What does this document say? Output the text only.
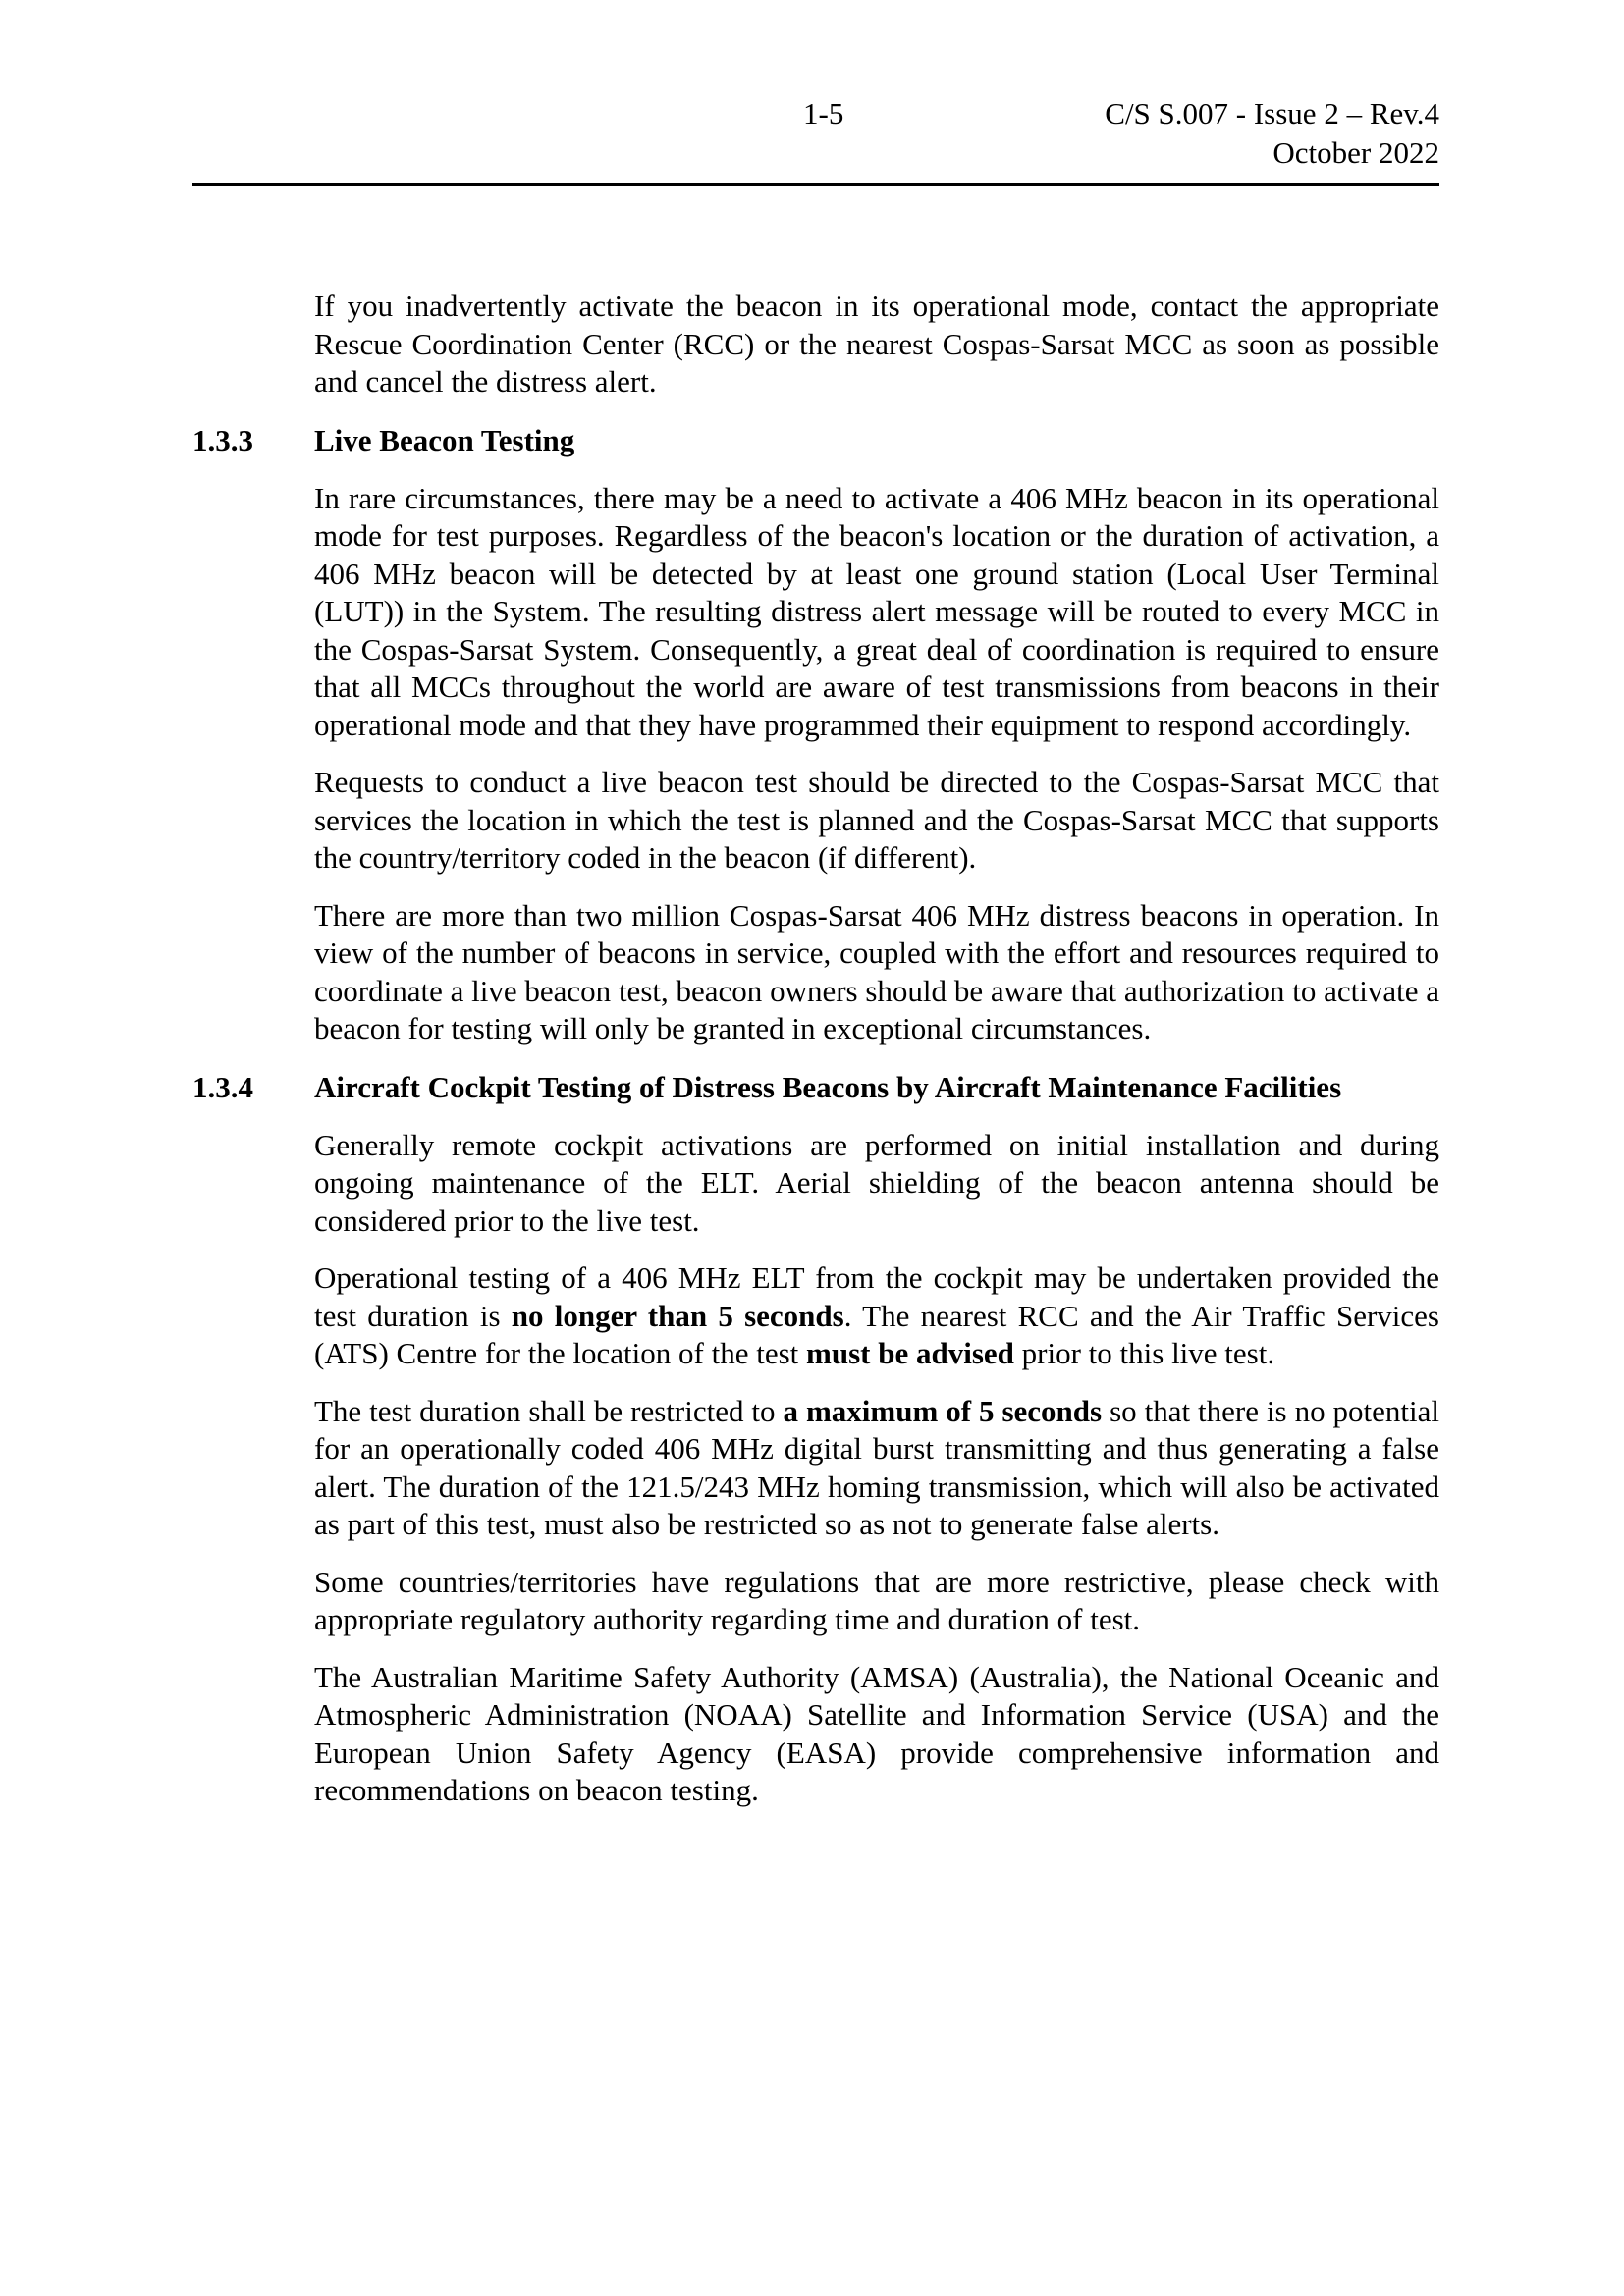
1-5	C/S S.007 - Issue 2 – Rev.4
October 2022

If you inadvertently activate the beacon in its operational mode, contact the appropriate Rescue Coordination Center (RCC) or the nearest Cospas-Sarsat MCC as soon as possible and cancel the distress alert.

1.3.3	Live Beacon Testing

In rare circumstances, there may be a need to activate a 406 MHz beacon in its operational mode for test purposes. Regardless of the beacon's location or the duration of activation, a 406 MHz beacon will be detected by at least one ground station (Local User Terminal (LUT)) in the System. The resulting distress alert message will be routed to every MCC in the Cospas-Sarsat System. Consequently, a great deal of coordination is required to ensure that all MCCs throughout the world are aware of test transmissions from beacons in their operational mode and that they have programmed their equipment to respond accordingly.

Requests to conduct a live beacon test should be directed to the Cospas-Sarsat MCC that services the location in which the test is planned and the Cospas-Sarsat MCC that supports the country/territory coded in the beacon (if different).

There are more than two million Cospas-Sarsat 406 MHz distress beacons in operation. In view of the number of beacons in service, coupled with the effort and resources required to coordinate a live beacon test, beacon owners should be aware that authorization to activate a beacon for testing will only be granted in exceptional circumstances.

1.3.4	Aircraft Cockpit Testing of Distress Beacons by Aircraft Maintenance Facilities

Generally remote cockpit activations are performed on initial installation and during ongoing maintenance of the ELT. Aerial shielding of the beacon antenna should be considered prior to the live test.

Operational testing of a 406 MHz ELT from the cockpit may be undertaken provided the test duration is no longer than 5 seconds. The nearest RCC and the Air Traffic Services (ATS) Centre for the location of the test must be advised prior to this live test.

The test duration shall be restricted to a maximum of 5 seconds so that there is no potential for an operationally coded 406 MHz digital burst transmitting and thus generating a false alert. The duration of the 121.5/243 MHz homing transmission, which will also be activated as part of this test, must also be restricted so as not to generate false alerts.

Some countries/territories have regulations that are more restrictive, please check with appropriate regulatory authority regarding time and duration of test.

The Australian Maritime Safety Authority (AMSA) (Australia), the National Oceanic and Atmospheric Administration (NOAA) Satellite and Information Service (USA) and the European Union Safety Agency (EASA) provide comprehensive information and recommendations on beacon testing.
